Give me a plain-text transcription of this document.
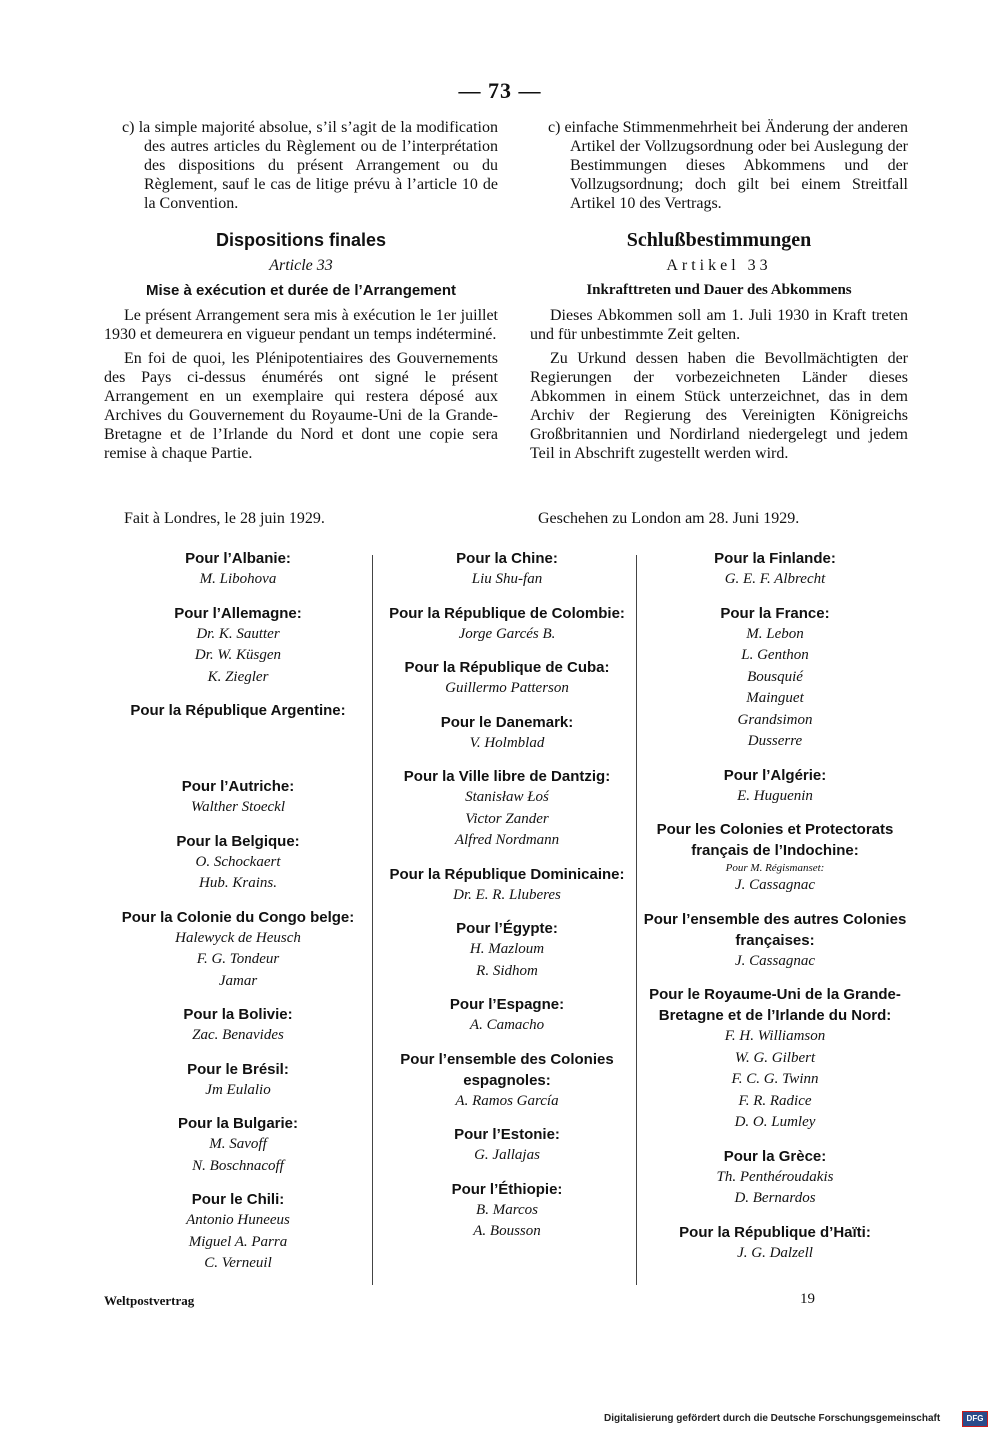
— 73 —

c) la simple majorité absolue, s’il s’agit de la modification des autres articles du Règlement ou de l’interprétation des dispositions du présent Arrangement ou du Règlement, sauf le cas de litige prévu à l’article 10 de la Convention.

Dispositions finales
Article 33
Mise à exécution et durée de l’Arrangement

Le présent Arrangement sera mis à exécution le 1er juillet 1930 et demeurera en vigueur pendant un temps indéterminé.

En foi de quoi, les Plénipotentiaires des Gouvernements des Pays ci-dessus énumérés ont signé le présent Arrangement en un exemplaire qui restera déposé aux Archives du Gouvernement du Royaume-Uni de la Grande-Bretagne et de l’Irlande du Nord et dont une copie sera remise à chaque Partie.

c) einfache Stimmenmehrheit bei Änderung der anderen Artikel der Vollzugsordnung oder bei Auslegung der Bestimmungen dieses Abkommens und der Vollzugsordnung; doch gilt bei einem Streitfall Artikel 10 des Vertrags.

Schlußbestimmungen
Artikel 33
Inkrafttreten und Dauer des Abkommens

Dieses Abkommen soll am 1. Juli 1930 in Kraft treten und für unbestimmte Zeit gelten.

Zu Urkund dessen haben die Bevollmächtigten der Regierungen der vorbezeichneten Länder dieses Abkommen in einem Stück unterzeichnet, das in dem Archiv der Regierung des Vereinigten Königreichs Großbritannien und Nordirland niedergelegt und jedem Teil in Abschrift zugestellt werden wird.

Fait à Londres, le 28 juin 1929.	Geschehen zu London am 28. Juni 1929.
Pour l’Albanie:
M. Libohova
Pour l’Allemagne:
Dr. K. Sautter
Dr. W. Küsgen
K. Ziegler
Pour la République Argentine:

Pour l’Autriche:
Walther Stoeckl
Pour la Belgique:
O. Schockaert
Hub. Krains.
Pour la Colonie du Congo belge:
Halewyck de Heusch
F. G. Tondeur
Jamar
Pour la Bolivie:
Zac. Benavides
Pour le Brésil:
Jm Eulalio
Pour la Bulgarie:
M. Savoff
N. Boschnacoff
Pour le Chili:
Antonio Huneeus
Miguel A. Parra
C. Verneuil
Pour la Chine:
Liu Shu-fan
Pour la République de Colombie:
Jorge Garcés B.
Pour la République de Cuba:
Guillermo Patterson
Pour le Danemark:
V. Holmblad
Pour la Ville libre de Dantzig:
Stanisław Łoś
Victor Zander
Alfred Nordmann
Pour la République Dominicaine:
Dr. E. R. Lluberes
Pour l’Égypte:
H. Mazloum
R. Sidhom
Pour l’Espagne:
A. Camacho
Pour l’ensemble des Colonies espagnoles:
A. Ramos García
Pour l’Estonie:
G. Jallajas
Pour l’Éthiopie:
B. Marcos
A. Bousson
Pour la Finlande:
G. E. F. Albrecht
Pour la France:
M. Lebon
L. Genthon
Bousquié
Mainguet
Grandsimon
Dusserre
Pour l’Algérie:
E. Huguenin
Pour les Colonies et Protectorats français de l’Indochine:
Pour M. Régismanset:
J. Cassagnac
Pour l’ensemble des autres Colonies françaises:
J. Cassagnac
Pour le Royaume-Uni de la Grande-Bretagne et de l’Irlande du Nord:
F. H. Williamson
W. G. Gilbert
F. C. G. Twinn
F. R. Radice
D. O. Lumley
Pour la Grèce:
Th. Penthéroudakis
D. Bernardos
Pour la République d’Haïti:
J. G. Dalzell
Weltpostvertrag	19
Digitalisierung gefördert durch die Deutsche Forschungsgemeinschaft	DFG
